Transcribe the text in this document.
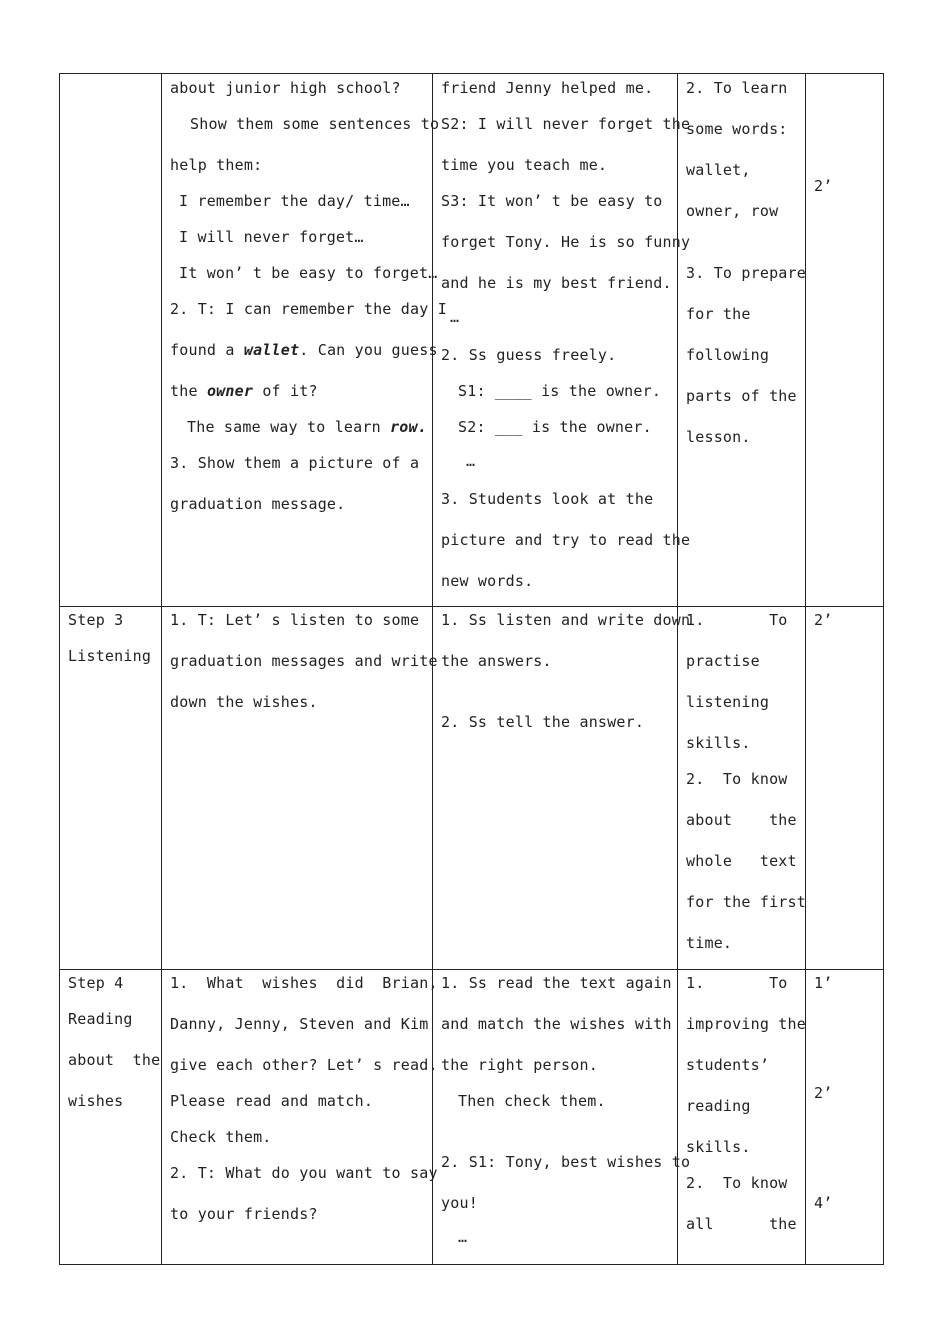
about junior high school?
Show them some sentences to
help them:
I remember the day/ time…
I will never forget…
It won’ t be easy to forget…
2. T: I can remember the day I
found a wallet. Can you guess
the owner of it?
The same way to learn row.
3. Show them a picture of a
graduation message.
friend Jenny helped me.
S2: I will never forget the
time you teach me.
S3: It won’ t be easy to
forget Tony. He is so funny
and he is my best friend.
…
2. Ss guess freely.
S1: ____ is the owner.
S2: ___ is the owner.
…
3. Students look at the
picture and try to read the
new words.
2. To learn
some words:
wallet,
owner, row
3. To prepare
for the
following
parts of the
lesson.
2’
Step 3
Listening
1. T: Let’ s listen to some
graduation messages and write
down the wishes.
1. Ss listen and write down
the answers.
2. Ss tell the answer.
1.       To
practise
listening
skills.
2.  To know
about    the
whole   text
for the first
time.
2’
Step 4
Reading
about  the
wishes
1.  What  wishes  did  Brian,
Danny, Jenny, Steven and Kim
give each other? Let’ s read.
Please read and match.
Check them.
2. T: What do you want to say
to your friends?
1. Ss read the text again
and match the wishes with
the right person.
Then check them.
2. S1: Tony, best wishes to
you!
…
1.       To
improving the
students’
reading
skills.
2.  To know
all      the
1’
2’
4’
